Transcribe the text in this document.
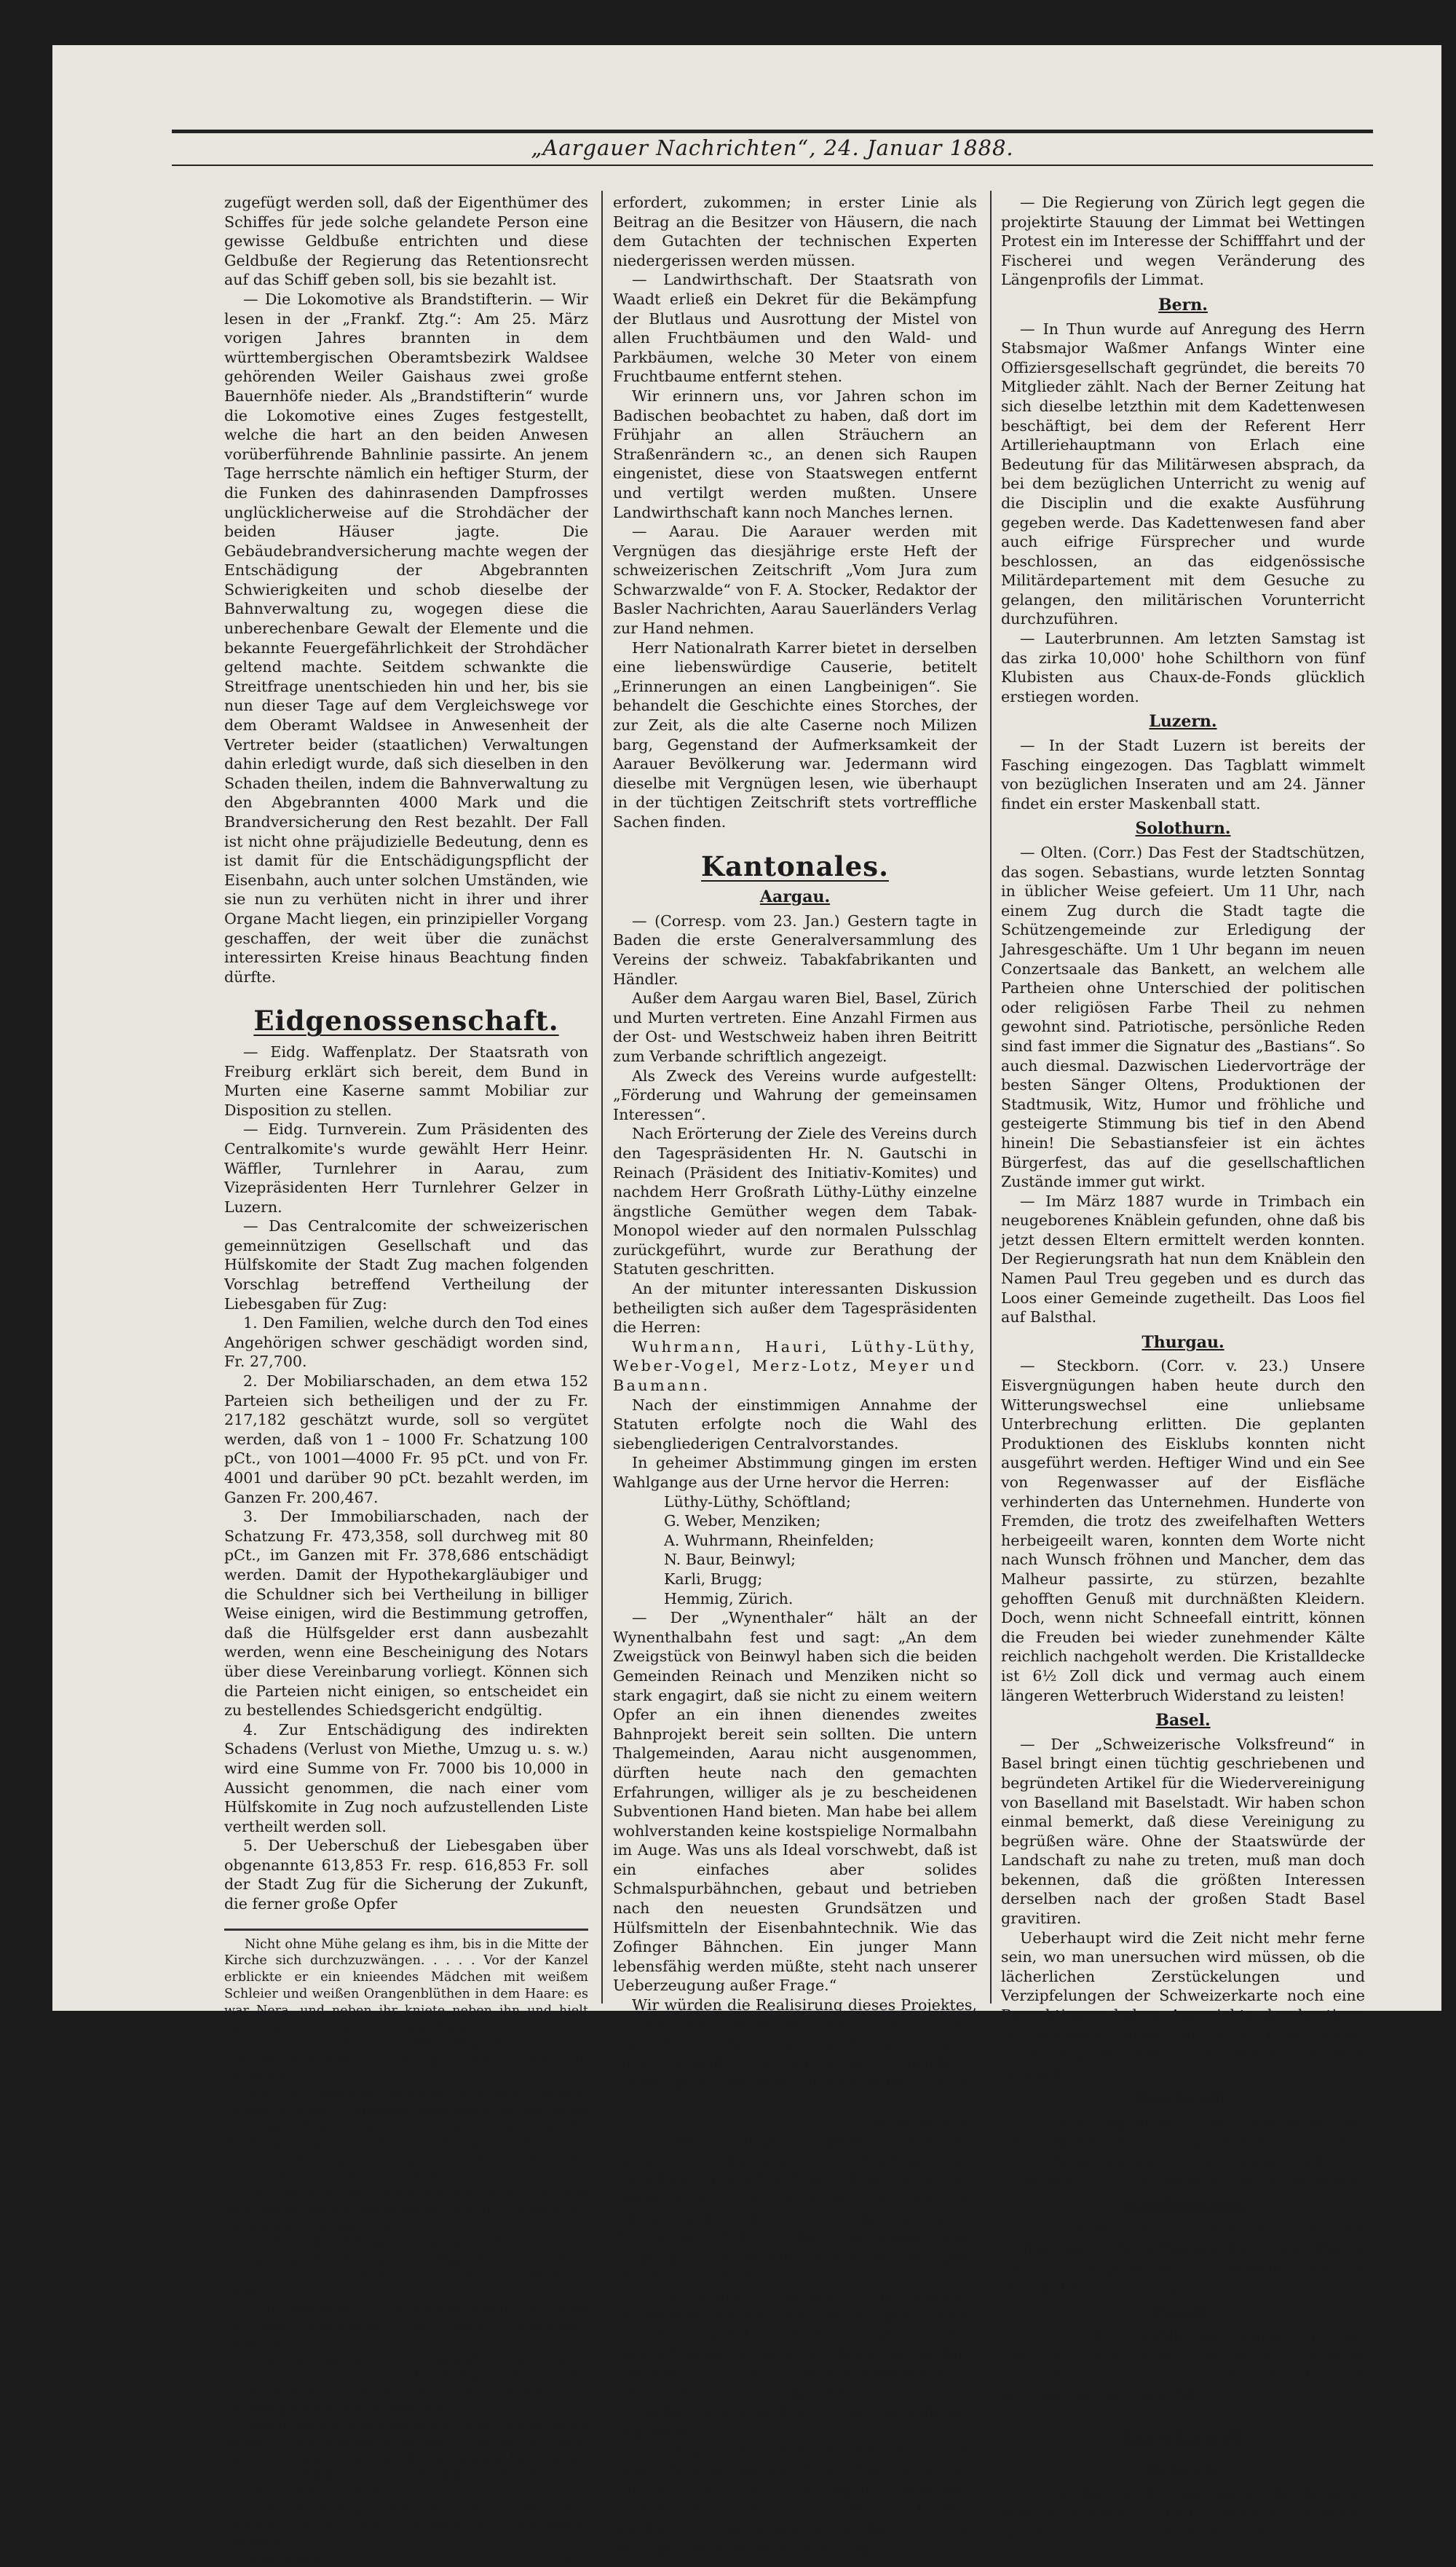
„Aargauer Nachrichten“, 24. Januar 1888.

zugefügt werden soll, daß der Eigenthümer des Schiffes für jede solche gelandete Person eine gewisse Geldbuße entrichten und diese Geldbuße der Regierung das Retentionsrecht auf das Schiff geben soll, bis sie bezahlt ist.

— Die Lokomotive als Brandstifterin. — Wir lesen in der „Frankf. Ztg.“: Am 25. März vorigen Jahres brannten in dem württembergischen Oberamtsbezirk Waldsee gehörenden Weiler Gaishaus zwei große Bauernhöfe nieder. Als „Brandstifterin“ wurde die Lokomotive eines Zuges festgestellt, welche die hart an den beiden Anwesen vorüberführende Bahnlinie passirte. An jenem Tage herrschte nämlich ein heftiger Sturm, der die Funken des dahinrasenden Dampfrosses unglücklicherweise auf die Strohdächer der beiden Häuser jagte. Die Gebäudebrandversicherung machte wegen der Entschädigung der Abgebrannten Schwierigkeiten und schob dieselbe der Bahnverwaltung zu, wogegen diese die unberechenbare Gewalt der Elemente und die bekannte Feuergefährlichkeit der Strohdächer geltend machte. Seitdem schwankte die Streitfrage unentschieden hin und her, bis sie nun dieser Tage auf dem Vergleichswege vor dem Oberamt Waldsee in Anwesenheit der Vertreter beider (staatlichen) Verwaltungen dahin erledigt wurde, daß sich dieselben in den Schaden theilen, indem die Bahnverwaltung zu den Abgebrannten 4000 Mark und die Brandversicherung den Rest bezahlt. Der Fall ist nicht ohne präjudizielle Bedeutung, denn es ist damit für die Entschädigungspflicht der Eisenbahn, auch unter solchen Umständen, wie sie nun zu verhüten nicht in ihrer und ihrer Organe Macht liegen, ein prinzipieller Vorgang geschaffen, der weit über die zunächst interessirten Kreise hinaus Beachtung finden dürfte.

Eidgenossenschaft.

— Eidg. Waffenplatz. Der Staatsrath von Freiburg erklärt sich bereit, dem Bund in Murten eine Kaserne sammt Mobiliar zur Disposition zu stellen.

— Eidg. Turnverein. Zum Präsidenten des Centralkomite's wurde gewählt Herr Heinr. Wäffler, Turnlehrer in Aarau, zum Vizepräsidenten Herr Turnlehrer Gelzer in Luzern.

— Das Centralcomite der schweizerischen gemeinnützigen Gesellschaft und das Hülfskomite der Stadt Zug machen folgenden Vorschlag betreffend Vertheilung der Liebesgaben für Zug:

1. Den Familien, welche durch den Tod eines Angehörigen schwer geschädigt worden sind, Fr. 27,700.

2. Der Mobiliarschaden, an dem etwa 152 Parteien sich betheiligen und der zu Fr. 217,182 geschätzt wurde, soll so vergütet werden, daß von 1 – 1000 Fr. Schatzung 100 pCt., von 1001—4000 Fr. 95 pCt. und von Fr. 4001 und darüber 90 pCt. bezahlt werden, im Ganzen Fr. 200,467.

3. Der Immobiliarschaden, nach der Schatzung Fr. 473,358, soll durchweg mit 80 pCt., im Ganzen mit Fr. 378,686 entschädigt werden. Damit der Hypothekargläubiger und die Schuldner sich bei Vertheilung in billiger Weise einigen, wird die Bestimmung getroffen, daß die Hülfsgelder erst dann ausbezahlt werden, wenn eine Bescheinigung des Notars über diese Vereinbarung vorliegt. Können sich die Parteien nicht einigen, so entscheidet ein zu bestellendes Schiedsgericht endgültig.

4. Zur Entschädigung des indirekten Schadens (Verlust von Miethe, Umzug u. s. w.) wird eine Summe von Fr. 7000 bis 10,000 in Aussicht genommen, die nach einer vom Hülfskomite in Zug noch aufzustellenden Liste vertheilt werden soll.

5. Der Ueberschuß der Liebesgaben über obgenannte 613,853 Fr. resp. 616,853 Fr. soll der Stadt Zug für die Sicherung der Zukunft, die ferner große Opfer

Nicht ohne Mühe gelang es ihm, bis in die Mitte der Kirche sich durchzuzwängen. . . . . Vor der Kanzel erblickte er ein knieendes Mädchen mit weißem Schleier und weißen Orangenblüthen in dem Haare: es war Nera, und neben ihr kniete neben ihn und hielt ihre Hand in der seinen: es war Rigault.

Denn eines Abends hatte Rigault in seinem Schicklichkeitsgefühl zu ihr gesprochen: „Ich muß heirathen.“

Ach! Nera, das arme Mädchen hatte Alles errathen! Er war in weißer Halsbinde ausgezogen, er sah Aimée alle Tage, Mutter und Tochter waren beide in die Kirche gegangen, und dieses Gedränge . . . die Leute, welche vorbeigingen und sagten: „Es ist eine Hochzeit . . . eine Hochzeit von Hugenotten!

Ganz verstört trat Albert aus der Kirche und ging zum Wagen zurück, nachsinnend, wie die Hochzeit der Nera geheim zu halten sei . . .

Er öffnete den Schlag . . . Nera war todt!

Tags nachher begegnete er Rigault vor der Thüre des Hauses der Gestorbenen, wie dieser verdrießlich heraustrat.

„Nun! was willst Du? Ich habe mich geirrt und hatte an eine Verengerung der linken Herzkammer geglaubt.“

„Nun erkennst Du, es sei etwas anderes gewesen?“

„Leider ja! Ich habe die Autopsie der Leiche verlangt und es ist mir Alles klar; es war eine Unzulänglichkeit der Herzklappen.“

Rigault seufzte und ging weiter; doch kam er gleich wieder zurück und sagte zu Albert: „Es ist ein Glück, daß ich diesen Morgen in dieses Quartier kam, da ich Dich treffe. Ich kann Dir eine Neuigkeit mittheilen . . .“

„Was willst Du mit ihr.“

„Nun, Dir anzeigen, daß ich Deinem Rathe Folge geleistet. Ich habe mich jetzt verheirathet und werde glücklich . . .“

Arme Aimée!	(Ende.)

erfordert, zukommen; in erster Linie als Beitrag an die Besitzer von Häusern, die nach dem Gutachten der technischen Experten niedergerissen werden müssen.

— Landwirthschaft. Der Staatsrath von Waadt erließ ein Dekret für die Bekämpfung der Blutlaus und Ausrottung der Mistel von allen Fruchtbäumen und den Wald- und Parkbäumen, welche 30 Meter von einem Fruchtbaume entfernt stehen.

Wir erinnern uns, vor Jahren schon im Badischen beobachtet zu haben, daß dort im Frühjahr an allen Sträuchern an Straßenrändern ꝛc., an denen sich Raupen eingenistet, diese von Staatswegen entfernt und vertilgt werden mußten. Unsere Landwirthschaft kann noch Manches lernen.

— Aarau. Die Aarauer werden mit Vergnügen das diesjährige erste Heft der schweizerischen Zeitschrift „Vom Jura zum Schwarzwalde“ von F. A. Stocker, Redaktor der Basler Nachrichten, Aarau Sauerländers Verlag zur Hand nehmen.

Herr Nationalrath Karrer bietet in derselben eine liebenswürdige Causerie, betitelt „Erinnerungen an einen Langbeinigen“. Sie behandelt die Geschichte eines Storches, der zur Zeit, als die alte Caserne noch Milizen barg, Gegenstand der Aufmerksamkeit der Aarauer Bevölkerung war. Jedermann wird dieselbe mit Vergnügen lesen, wie überhaupt in der tüchtigen Zeitschrift stets vortreffliche Sachen finden.

Kantonales.
Aargau.

— (Corresp. vom 23. Jan.) Gestern tagte in Baden die erste Generalversammlung des Vereins der schweiz. Tabakfabrikanten und Händler.

Außer dem Aargau waren Biel, Basel, Zürich und Murten vertreten. Eine Anzahl Firmen aus der Ost- und Westschweiz haben ihren Beitritt zum Verbande schriftlich angezeigt.

Als Zweck des Vereins wurde aufgestellt: „Förderung und Wahrung der gemeinsamen Interessen“.

Nach Erörterung der Ziele des Vereins durch den Tagespräsidenten Hr. N. Gautschi in Reinach (Präsident des Initiativ-Komites) und nachdem Herr Großrath Lüthy-Lüthy einzelne ängstliche Gemüther wegen dem Tabak-Monopol wieder auf den normalen Pulsschlag zurückgeführt, wurde zur Berathung der Statuten geschritten.

An der mitunter interessanten Diskussion betheiligten sich außer dem Tagespräsidenten die Herren:

Wuhrmann, Hauri, Lüthy-Lüthy, Weber-Vogel, Merz-Lotz, Meyer und Baumann.

Nach der einstimmigen Annahme der Statuten erfolgte noch die Wahl des siebengliederigen Centralvorstandes.

In geheimer Abstimmung gingen im ersten Wahlgange aus der Urne hervor die Herren:

Lüthy-Lüthy, Schöftland;

G. Weber, Menziken;

A. Wuhrmann, Rheinfelden;

N. Baur, Beinwyl;

Karli, Brugg;

Hemmig, Zürich.

— Der „Wynenthaler“ hält an der Wynenthalbahn fest und sagt: „An dem Zweigstück von Beinwyl haben sich die beiden Gemeinden Reinach und Menziken nicht so stark engagirt, daß sie nicht zu einem weitern Opfer an ein ihnen dienendes zweites Bahnprojekt bereit sein sollten. Die untern Thalgemeinden, Aarau nicht ausgenommen, dürften heute nach den gemachten Erfahrungen, williger als je zu bescheidenen Subventionen Hand bieten. Man habe bei allem wohlverstanden keine kostspielige Normalbahn im Auge. Was uns als Ideal vorschwebt, daß ist ein einfaches aber solides Schmalspurbähnchen, gebaut und betrieben nach den neuesten Grundsätzen und Hülfsmitteln der Eisenbahntechnik. Wie das Zofinger Bähnchen. Ein junger Mann lebensfähig werden müßte, steht nach unserer Ueberzeugung außer Frage.“

Wir würden die Realisirung dieses Projektes, welche das Wynenthal an Aarau bände, herzlich begrüßen, wissen auch, daß in Aarau viele Geschäftsleute ganz anderer Ansicht in Sachen geworden sind, als dies früher der Fall war.

Die Redaktion.

— Das „Zofinger Tagblatt“ berichtete gestern, die Kommission beabsichtige, den Näf'schen Entwurf auf den Kopf zu stellen, behaupte, daß dies das Ende vom Liede der obligatorischen Krankenversicherung wäre. Wir hören, daß in der Kommission wohl Neigung zu Aenderung vorhanden sei, jene Tendenz aber nicht vorliege.

— Lenzburg. (Corresp.) Die kürzlich verstorbene Wittwe Emilie Müller geb. Stapfer von Lenzburg hat zu gemeinnützigen Zwecken Vermächtnisse gemacht an Armenlegatenfond Lenzburg Fr. 1000, Frauenkrankenverein Fr. 500, Armenerziehungsverein Fr. 200, Armenbad Schinznach 200. Zur Nachahmung empfohlen.

— Seengen. Von Seengen erhalten wir eine zweite Einsendung, welche darthut, daß es sich mit der von den Zeitungen gemeldeten Halsbräune unter den Kindern glücklicherweise genau so verhält, wie die gestrige Correspondenz berichtigte.

— Die Regierung von Zürich legt gegen die projektirte Stauung der Limmat bei Wettingen Protest ein im Interesse der Schifffahrt und der Fischerei und wegen Veränderung des Längenprofils der Limmat.

Bern.

— In Thun wurde auf Anregung des Herrn Stabsmajor Waßmer Anfangs Winter eine Offiziersgesellschaft gegründet, die bereits 70 Mitglieder zählt. Nach der Berner Zeitung hat sich dieselbe letzthin mit dem Kadettenwesen beschäftigt, bei dem der Referent Herr Artilleriehauptmann von Erlach eine Bedeutung für das Militärwesen absprach, da bei dem bezüglichen Unterricht zu wenig auf die Disciplin und die exakte Ausführung gegeben werde. Das Kadettenwesen fand aber auch eifrige Fürsprecher und wurde beschlossen, an das eidgenössische Militärdepartement mit dem Gesuche zu gelangen, den militärischen Vorunterricht durchzuführen.

— Lauterbrunnen. Am letzten Samstag ist das zirka 10,000' hohe Schilthorn von fünf Klubisten aus Chaux-de-Fonds glücklich erstiegen worden.

Luzern.

— In der Stadt Luzern ist bereits der Fasching eingezogen. Das Tagblatt wimmelt von bezüglichen Inseraten und am 24. Jänner findet ein erster Maskenball statt.

Solothurn.

— Olten. (Corr.) Das Fest der Stadtschützen, das sogen. Sebastians, wurde letzten Sonntag in üblicher Weise gefeiert. Um 11 Uhr, nach einem Zug durch die Stadt tagte die Schützengemeinde zur Erledigung der Jahresgeschäfte. Um 1 Uhr begann im neuen Conzertsaale das Bankett, an welchem alle Partheien ohne Unterschied der politischen oder religiösen Farbe Theil zu nehmen gewohnt sind. Patriotische, persönliche Reden sind fast immer die Signatur des „Bastians“. So auch diesmal. Dazwischen Liedervorträge der besten Sänger Oltens, Produktionen der Stadtmusik, Witz, Humor und fröhliche und gesteigerte Stimmung bis tief in den Abend hinein! Die Sebastiansfeier ist ein ächtes Bürgerfest, das auf die gesellschaftlichen Zustände immer gut wirkt.

— Im März 1887 wurde in Trimbach ein neugeborenes Knäblein gefunden, ohne daß bis jetzt dessen Eltern ermittelt werden konnten. Der Regierungsrath hat nun dem Knäblein den Namen Paul Treu gegeben und es durch das Loos einer Gemeinde zugetheilt. Das Loos fiel auf Balsthal.

Thurgau.

— Steckborn. (Corr. v. 23.) Unsere Eisvergnügungen haben heute durch den Witterungswechsel eine unliebsame Unterbrechung erlitten. Die geplanten Produktionen des Eisklubs konnten nicht ausgeführt werden. Heftiger Wind und ein See von Regenwasser auf der Eisfläche verhinderten das Unternehmen. Hunderte von Fremden, die trotz des zweifelhaften Wetters herbeigeeilt waren, konnten dem Worte nicht nach Wunsch fröhnen und Mancher, dem das Malheur passirte, zu stürzen, bezahlte gehofften Genuß mit durchnäßten Kleidern. Doch, wenn nicht Schneefall eintritt, können die Freuden bei wieder zunehmender Kälte reichlich nachgeholt werden. Die Kristalldecke ist 6½ Zoll dick und vermag auch einem längeren Wetterbruch Widerstand zu leisten!

Basel.

— Der „Schweizerische Volksfreund“ in Basel bringt einen tüchtig geschriebenen und begründeten Artikel für die Wiedervereinigung von Baselland mit Baselstadt. Wir haben schon einmal bemerkt, daß diese Vereinigung zu begrüßen wäre. Ohne der Staatswürde der Landschaft zu nahe zu treten, muß man doch bekennen, daß die größten Interessen derselben nach der großen Stadt Basel gravitiren.

Ueberhaupt wird die Zeit nicht mehr ferne sein, wo man unersuchen wird müssen, ob die lächerlichen Zerstückelungen und Verzipfelungen der Schweizerkarte noch eine Berechtigung haben Angesichts der heutigen Verkehrsverhältnisse und ob es nicht besser wäre, einige der Miniaturrepubliken zusammen zu werfen.

Baselstadt.

— Herr Ingenieur Adam, Präsident der Centralbahndirektion, gewesener National- und Regierungsrath, ein ausgezeichneter Techniker und tüchtiger Beamter ist gestorben.

Schaffhausen.

— Nach den „Basler Nachrichten“ hat die Heilsarmee in Schaffhausen die Holzstoffabrik für 1500 Fr. gemiethet; es herrsche über den Vermiether Entrüstung.

Waadt.

— Im 41. Wahlkreise wurde in der Ersatzwahl für Herrn Bundesrath Ruchonnet Herr Pernoux von Vivis, Radikaldemokrat, in den Nationalrath gewählt.

Ausland.
Belgien.

— Im Bergwerk Quaregnon (Südbelgien) sind durch Einsturz einer Gallerie fünf Arbeiter getödtet und drei verwundet worden.
